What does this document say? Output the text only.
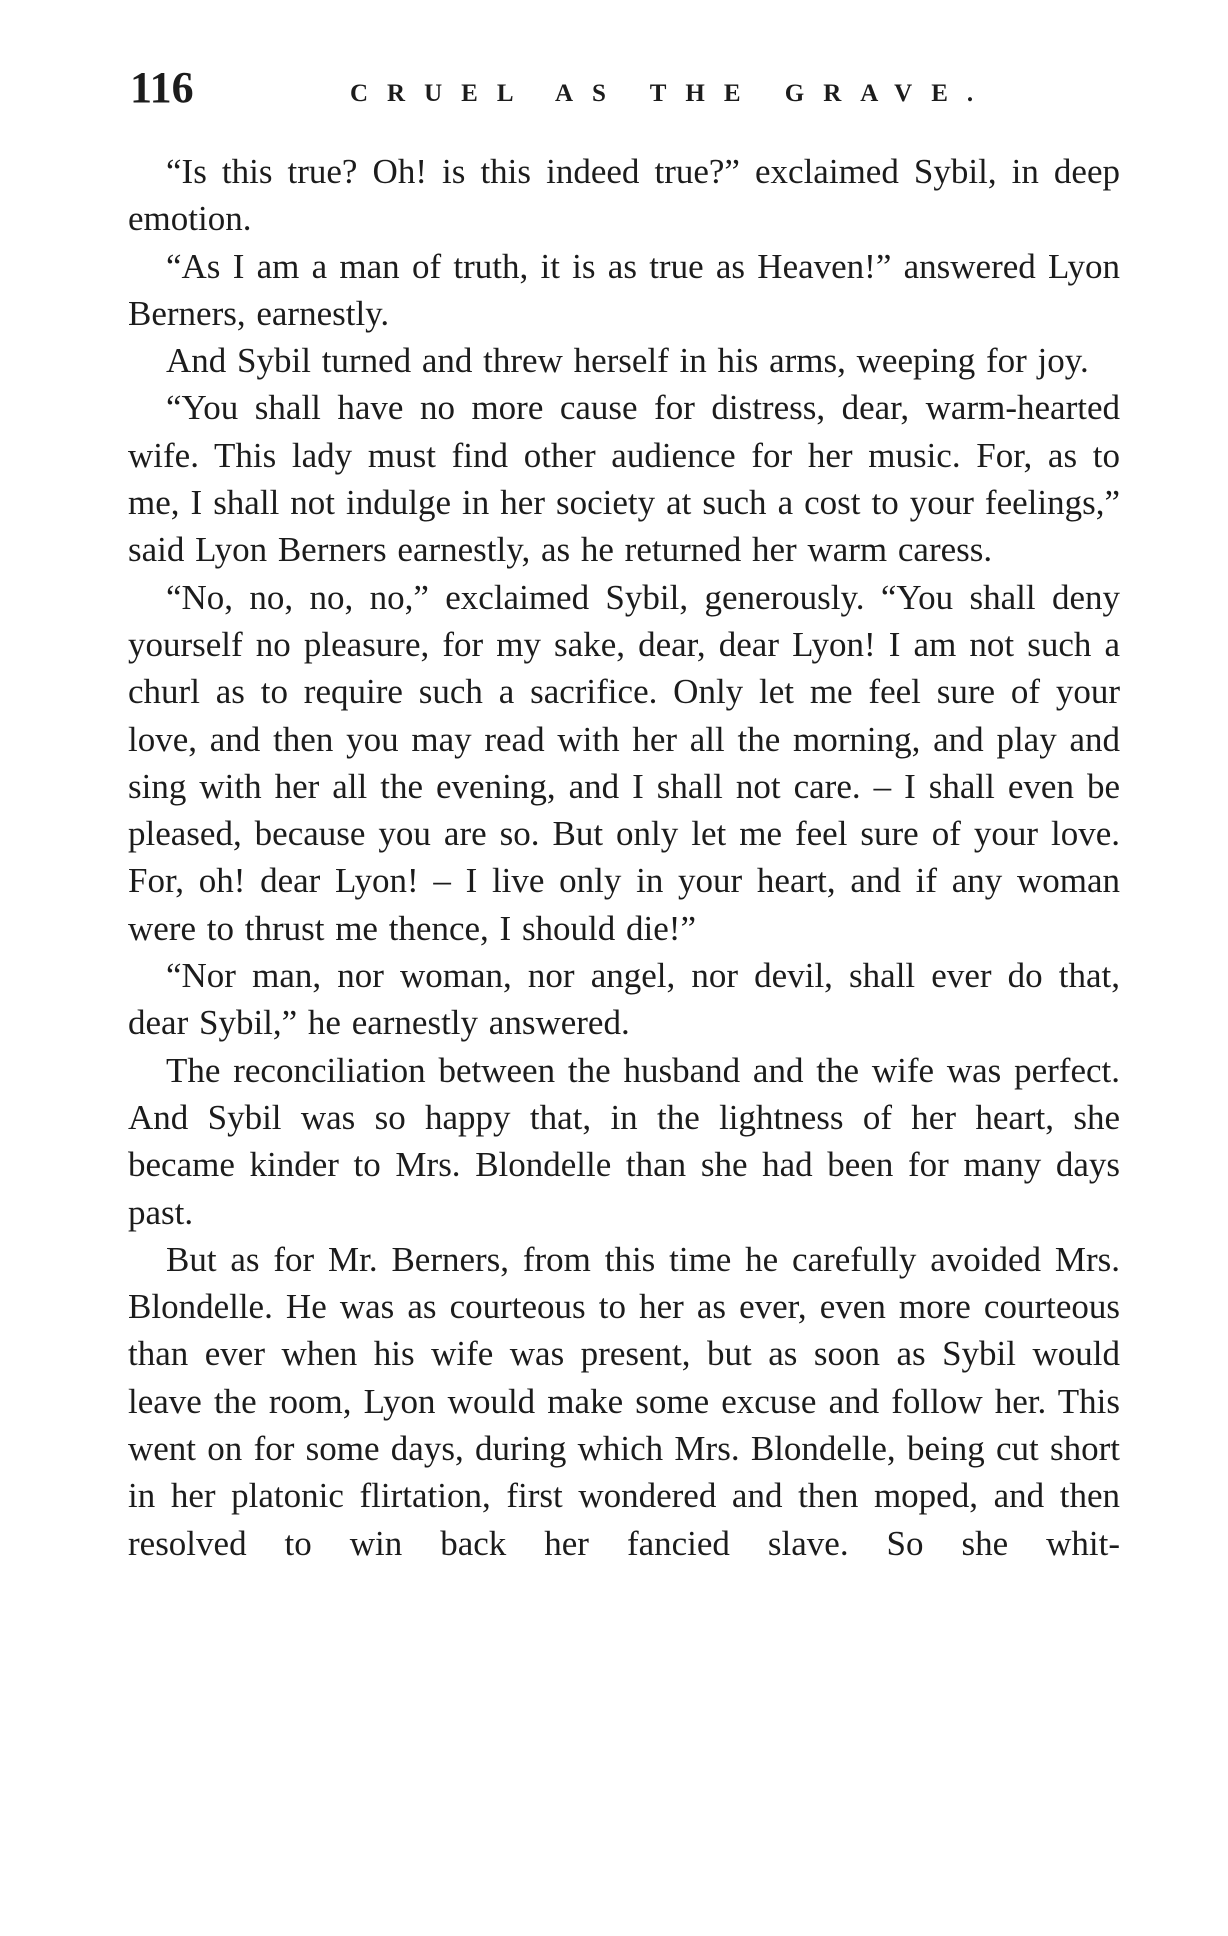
116	CRUEL AS THE GRAVE.

“Is this true? Oh! is this indeed true?” exclaimed Sybil, in deep emotion.

“As I am a man of truth, it is as true as Heaven!” answered Lyon Berners, earnestly.

And Sybil turned and threw herself in his arms, weeping for joy.

“You shall have no more cause for distress, dear, warm-hearted wife. This lady must find other audience for her music. For, as to me, I shall not indulge in her society at such a cost to your feelings,” said Lyon Berners earnestly, as he returned her warm caress.

“No, no, no, no,” exclaimed Sybil, generously. “You shall deny yourself no pleasure, for my sake, dear, dear Lyon! I am not such a churl as to require such a sacrifice. Only let me feel sure of your love, and then you may read with her all the morning, and play and sing with her all the evening, and I shall not care. – I shall even be pleased, because you are so. But only let me feel sure of your love. For, oh! dear Lyon! – I live only in your heart, and if any woman were to thrust me thence, I should die!”

“Nor man, nor woman, nor angel, nor devil, shall ever do that, dear Sybil,” he earnestly answered.

The reconciliation between the husband and the wife was perfect. And Sybil was so happy that, in the lightness of her heart, she became kinder to Mrs. Blondelle than she had been for many days past.

But as for Mr. Berners, from this time he carefully avoided Mrs. Blondelle. He was as courteous to her as ever, even more courteous than ever when his wife was present, but as soon as Sybil would leave the room, Lyon would make some excuse and follow her. This went on for some days, during which Mrs. Blondelle, being cut short in her platonic flirtation, first wondered and then moped, and then resolved to win back her fancied slave. So she whit-
